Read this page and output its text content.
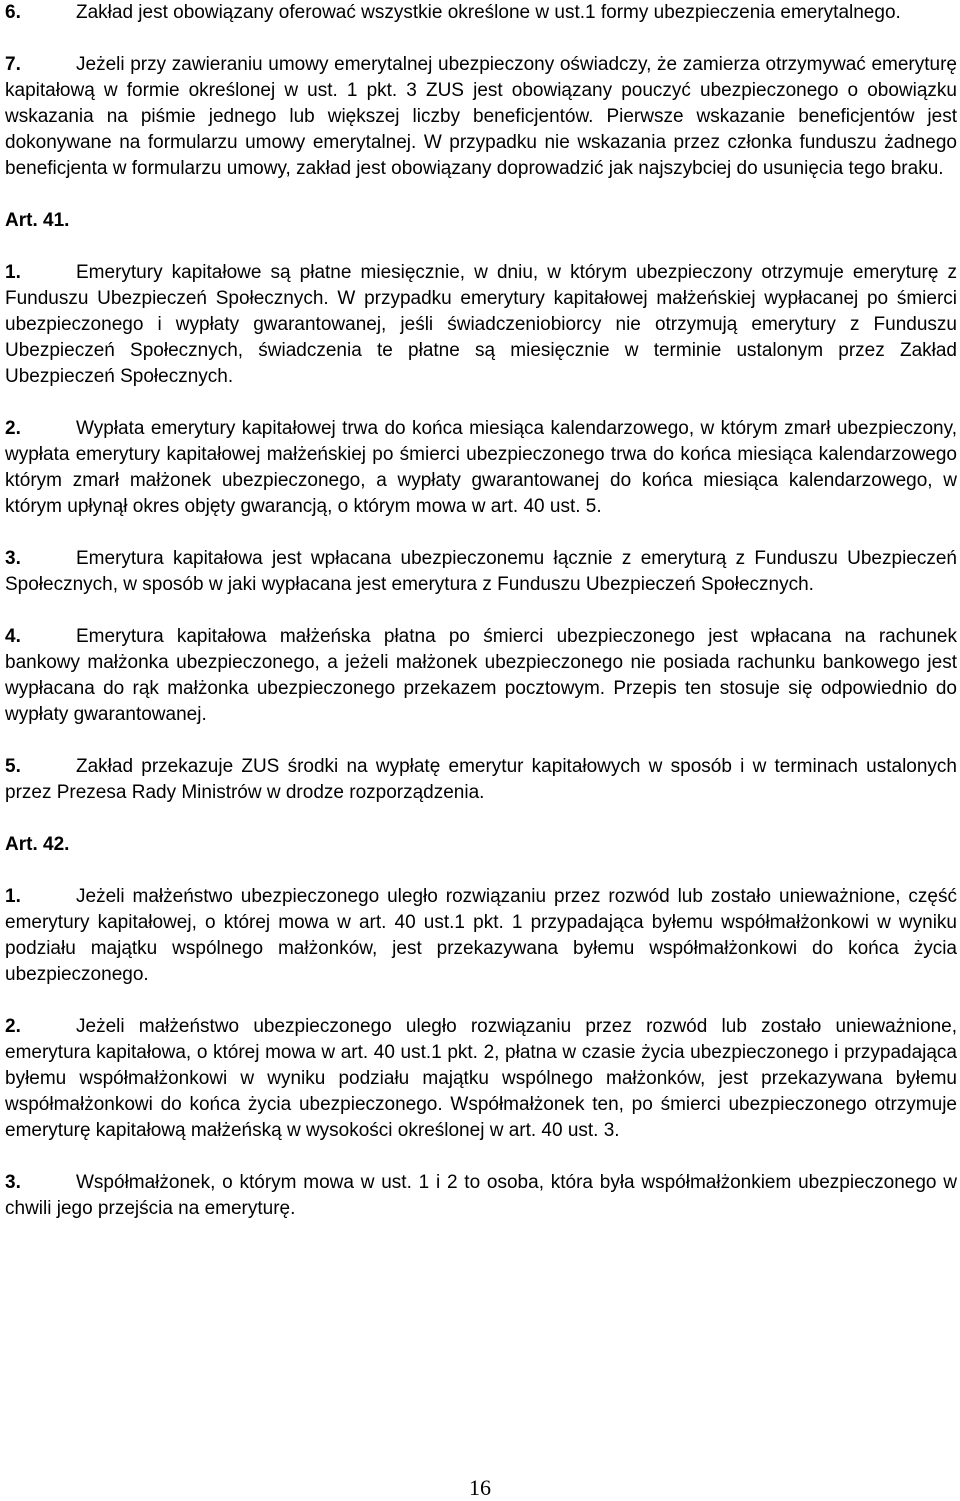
6.	Zakład jest obowiązany oferować wszystkie określone w ust.1 formy ubezpieczenia emerytalnego.

7.	Jeżeli przy zawieraniu umowy emerytalnej ubezpieczony oświadczy, że zamierza otrzymywać emeryturę kapitałową w formie określonej w ust. 1 pkt. 3 ZUS jest obowiązany pouczyć ubezpieczonego o obowiązku wskazania na piśmie jednego lub większej liczby beneficjentów. Pierwsze wskazanie beneficjentów jest dokonywane na formularzu umowy emerytalnej. W przypadku nie wskazania przez członka funduszu żadnego beneficjenta w formularzu umowy, zakład jest obowiązany doprowadzić jak najszybciej do usunięcia tego braku.

Art. 41.

1.	Emerytury kapitałowe są płatne miesięcznie, w dniu, w którym ubezpieczony otrzymuje emeryturę z Funduszu Ubezpieczeń Społecznych. W przypadku emerytury kapitałowej małżeńskiej wypłacanej po śmierci ubezpieczonego i wypłaty gwarantowanej, jeśli świadczeniobiorcy nie otrzymują emerytury z Funduszu Ubezpieczeń Społecznych, świadczenia te płatne są miesięcznie w terminie ustalonym przez Zakład Ubezpieczeń Społecznych.

2.	Wypłata emerytury kapitałowej trwa do końca miesiąca kalendarzowego, w którym zmarł ubezpieczony, wypłata emerytury kapitałowej małżeńskiej po śmierci ubezpieczonego trwa do końca miesiąca kalendarzowego którym zmarł małżonek ubezpieczonego, a wypłaty gwarantowanej do końca miesiąca kalendarzowego, w którym upłynął okres objęty gwarancją, o którym mowa w art. 40 ust. 5.

3.	Emerytura kapitałowa jest wpłacana ubezpieczonemu łącznie z emeryturą z Funduszu Ubezpieczeń Społecznych, w sposób w jaki wypłacana jest emerytura z Funduszu Ubezpieczeń Społecznych.

4.	Emerytura kapitałowa małżeńska płatna po śmierci ubezpieczonego jest wpłacana na rachunek bankowy małżonka ubezpieczonego, a jeżeli małżonek ubezpieczonego nie posiada rachunku bankowego jest wypłacana do rąk małżonka ubezpieczonego przekazem pocztowym. Przepis ten stosuje się odpowiednio do wypłaty gwarantowanej.

5.	Zakład przekazuje ZUS środki na wypłatę emerytur kapitałowych w sposób i w terminach ustalonych przez Prezesa Rady Ministrów w drodze rozporządzenia.

Art. 42.

1.	Jeżeli małżeństwo ubezpieczonego uległo rozwiązaniu przez rozwód lub zostało unieważnione, część emerytury kapitałowej, o której mowa w art. 40 ust.1 pkt. 1 przypadająca byłemu współmałżonkowi w wyniku podziału majątku wspólnego małżonków, jest przekazywana byłemu współmałżonkowi do końca życia ubezpieczonego.

2.	Jeżeli małżeństwo ubezpieczonego uległo rozwiązaniu przez rozwód lub zostało unieważnione, emerytura kapitałowa, o której mowa w art. 40 ust.1 pkt. 2, płatna w czasie życia ubezpieczonego i przypadająca byłemu współmałżonkowi w wyniku podziału majątku wspólnego małżonków, jest przekazywana byłemu współmałżonkowi do końca życia ubezpieczonego. Współmałżonek ten, po śmierci ubezpieczonego otrzymuje emeryturę kapitałową małżeńską w wysokości określonej w art. 40 ust. 3.

3.	Współmałżonek, o którym mowa w ust. 1 i 2 to osoba, która była współmałżonkiem ubezpieczonego w chwili jego przejścia na emeryturę.

16
